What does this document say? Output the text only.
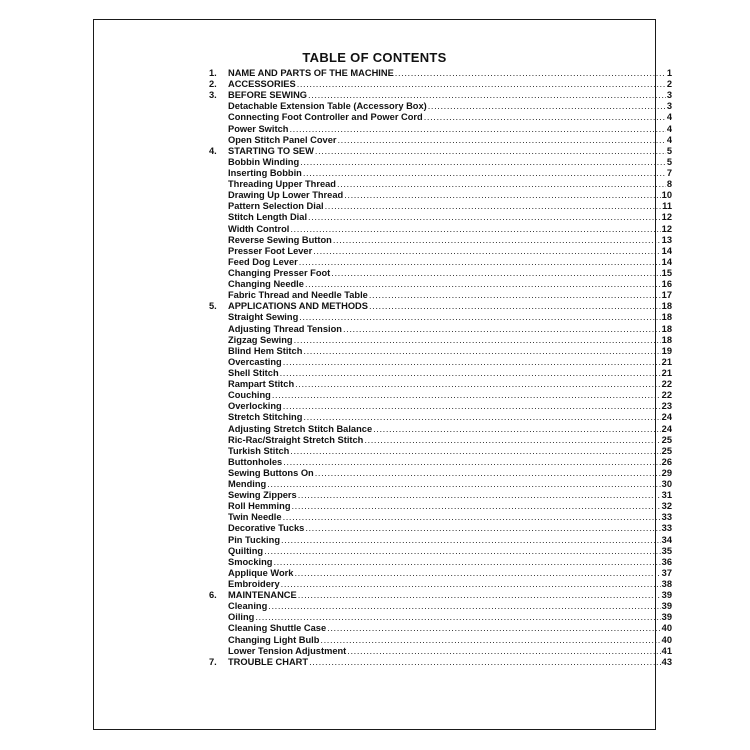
TABLE OF CONTENTS
1.	NAME AND PARTS OF THE MACHINE .....	1
2.	ACCESSORIES .....	2
3.	BEFORE SEWING .....	3
Detachable Extension Table (Accessory Box) .....	3
Connecting Foot Controller and Power Cord .....	4
Power Switch .....	4
Open Stitch Panel Cover .....	4
4.	STARTING TO SEW .....	5
Bobbin Winding .....	5
Inserting Bobbin .....	7
Threading Upper Thread .....	8
Drawing Up Lower Thread .....	10
Pattern Selection Dial .....	11
Stitch Length Dial .....	12
Width Control .....	12
Reverse Sewing Button .....	13
Presser Foot Lever .....	14
Feed Dog Lever .....	14
Changing Presser Foot .....	15
Changing Needle .....	16
Fabric Thread and Needle Table .....	17
5.	APPLICATIONS AND METHODS .....	18
Straight Sewing .....	18
Adjusting Thread Tension .....	18
Zigzag Sewing .....	18
Blind Hem Stitch .....	19
Overcasting .....	21
Shell Stitch .....	21
Rampart Stitch .....	22
Couching .....	22
Overlocking .....	23
Stretch Stitching .....	24
Adjusting Stretch Stitch Balance .....	24
Ric-Rac/Straight Stretch Stitch .....	25
Turkish Stitch .....	25
Buttonholes .....	26
Sewing Buttons On .....	29
Mending .....	30
Sewing Zippers .....	31
Roll Hemming .....	32
Twin Needle .....	33
Decorative Tucks .....	33
Pin Tucking .....	34
Quilting .....	35
Smocking .....	36
Applique Work .....	37
Embroidery .....	38
6.	MAINTENANCE .....	39
Cleaning .....	39
Oiling .....	39
Cleaning Shuttle Case .....	40
Changing Light Bulb .....	40
Lower Tension Adjustment .....	41
7.	TROUBLE CHART .....	43
